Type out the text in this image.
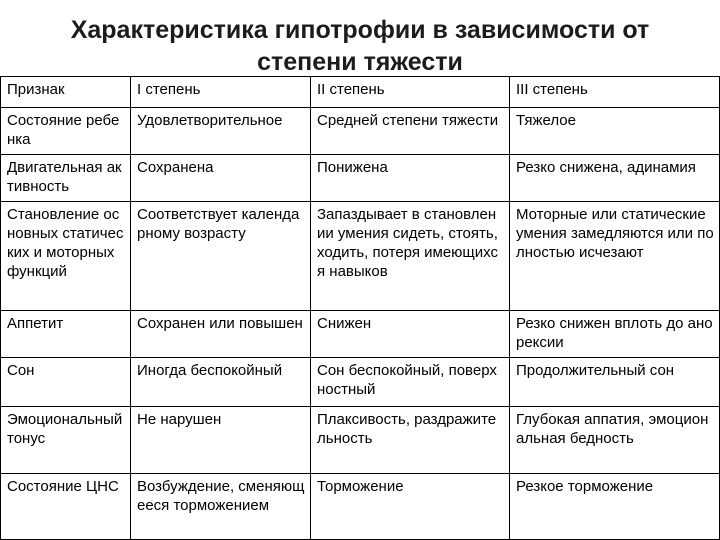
Характеристика гипотрофии в зависимости от
степени тяжести
Признак	I степень	II степень	III степень
Состояние ребенка	Удовлетворительное	Средней степени тяжести	Тяжелое
Двигательная активность	Сохранена	Понижена	Резко снижена, адинамия
Становление основных статических и моторных функций	Соответствует календарному возрасту	Запаздывает в становлении умения сидеть, стоять, ходить, потеря имеющихся навыков	Моторные или статические умения замедляются или полностью исчезают
Аппетит	Сохранен или повышен	Снижен	Резко снижен вплоть до анорексии
Сон	Иногда беспокойный	Сон беспокойный, поверхностный	Продолжительный сон
Эмоциональный тонус	Не нарушен	Плаксивость, раздражительность	Глубокая аппатия, эмоциональная бедность
Состояние ЦНС	Возбуждение, сменяющееся торможением	Торможение	Резкое торможение
